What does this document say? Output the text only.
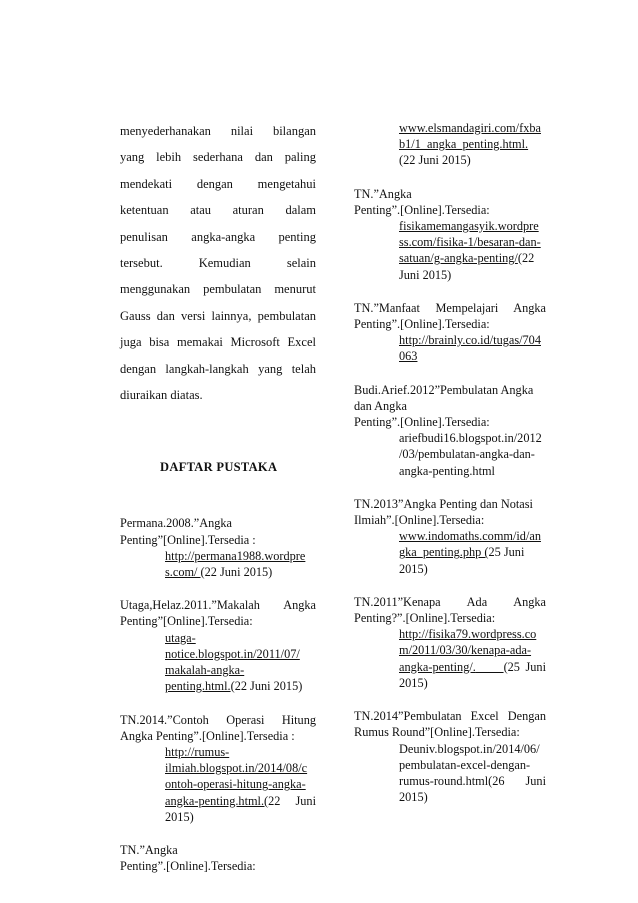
menyederhanakan nilai bilangan

yang lebih sederhana dan paling

mendekati dengan mengetahui

ketentuan atau aturan dalam

penulisan angka-angka penting

tersebut. Kemudian selain

menggunakan pembulatan menurut

Gauss dan versi lainnya, pembulatan

juga bisa memakai Microsoft Excel

dengan langkah-langkah yang telah

diuraikan diatas.

DAFTAR PUSTAKA
Permana.2008.”Angka
Penting”[Online].Tersedia :
http://permana1988.wordpre
s.com/ (22 Juni 2015)
Utaga,Helaz.2011.”Makalah Angka
Penting”[Online].Tersedia:
utaga-
notice.blogspot.in/2011/07/
makalah-angka-
penting.html.(22 Juni 2015)
TN.2014.”Contoh Operasi Hitung
Angka Penting”.[Online].Tersedia :
http://rumus-
ilmiah.blogspot.in/2014/08/c
ontoh-operasi-hitung-angka-
angka-penting.html.(22 Juni
2015)
TN.”Angka
Penting”.[Online].Tersedia:
www.elsmandagiri.com/fxba
b1/1_angka_penting.html.
(22 Juni 2015)
TN.”Angka
Penting”.[Online].Tersedia:
fisikamemangasyik.wordpre
ss.com/fisika-1/besaran-dan-
satuan/g-angka-penting/(22
Juni 2015)
TN.”Manfaat Mempelajari Angka
Penting”.[Online].Tersedia:
http://brainly.co.id/tugas/704
063
Budi.Arief.2012”Pembulatan Angka
dan Angka
Penting”.[Online].Tersedia:
ariefbudi16.blogspot.in/2012
/03/pembulatan-angka-dan-
angka-penting.html
TN.2013”Angka Penting dan Notasi
Ilmiah”.[Online].Tersedia:
www.indomaths.comm/id/an
gka_penting.php (25 Juni
2015)
TN.2011”Kenapa Ada Angka
Penting?”.[Online].Tersedia:
http://fisika79.wordpress.co
m/2011/03/30/kenapa-ada-
angka-penting/. (25 Juni
2015)
TN.2014”Pembulatan Excel Dengan
Rumus Round”[Online].Tersedia:
Deuniv.blogspot.in/2014/06/
pembulatan-excel-dengan-
rumus-round.html(26 Juni
2015)
